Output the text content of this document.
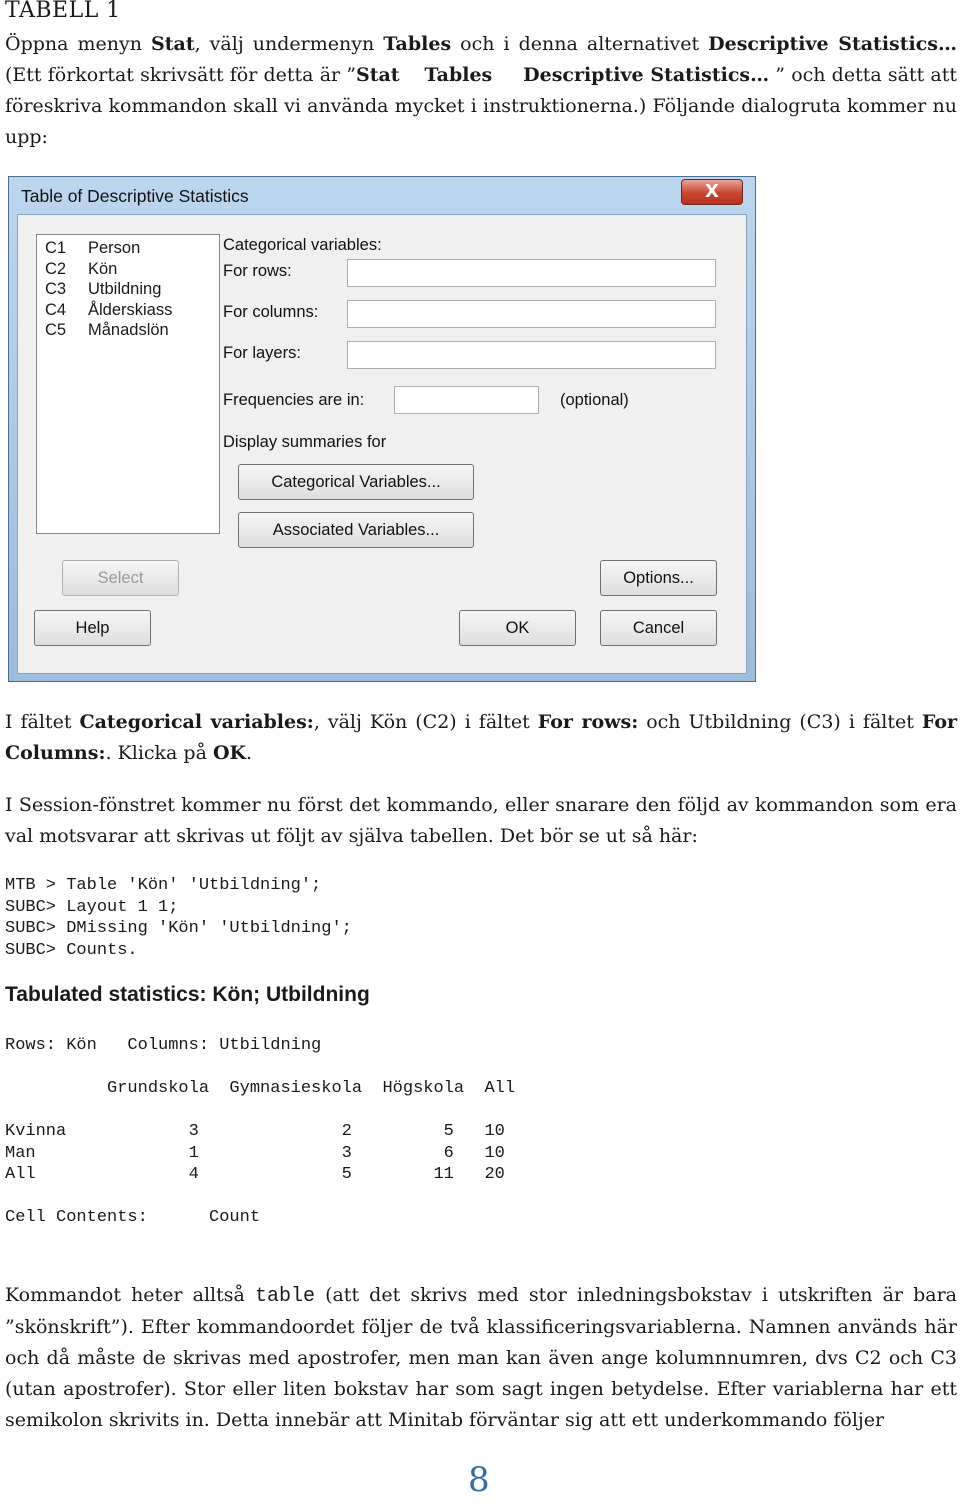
TABELL 1
Öppna menyn Stat, välj undermenyn Tables och i denna alternativet Descriptive Statistics… (Ett förkortat skrivsätt för detta är ”Stat Tables Descriptive Statistics… ” och detta sätt att föreskriva kommandon skall vi använda mycket i instruktionerna.) Följande dialogruta kommer nu upp:
Table of Descriptive Statistics	X
C1 Person
C2 Kön
C3 Utbildning
C4 Ålderskiass
C5 Månadslön
Categorical variables:
For rows:
For columns:
For layers:
Frequencies are in:	(optional)
Display summaries for
Categorical Variables...
Associated Variables...
Select	Options...
Help	OK	Cancel
I fältet Categorical variables:, välj Kön (C2) i fältet For rows: och Utbildning (C3) i fältet For Columns:. Klicka på OK.
I Session-fönstret kommer nu först det kommando, eller snarare den följd av kommandon som era val motsvarar att skrivas ut följt av själva tabellen. Det bör se ut så här:
MTB > Table 'Kön' 'Utbildning';
SUBC> Layout 1 1;
SUBC> DMissing 'Kön' 'Utbildning';
SUBC> Counts.
Tabulated statistics: Kön; Utbildning
Rows: Kön   Columns: Utbildning
Grundskola  Gymnasieskola  Högskola  All
Kvinna            3              2         5   10
Man               1              3         6   10
All               4              5        11   20
Cell Contents:      Count
Kommandot heter alltså table (att det skrivs med stor inledningsbokstav i utskriften är bara ”skönskrift”). Efter kommandoordet följer de två klassificeringsvariablerna. Namnen används här och då måste de skrivas med apostrofer, men man kan även ange kolumnnumren, dvs C2 och C3 (utan apostrofer). Stor eller liten bokstav har som sagt ingen betydelse. Efter variablerna har ett semikolon skrivits in. Detta innebär att Minitab förväntar sig att ett underkommando följer
8
